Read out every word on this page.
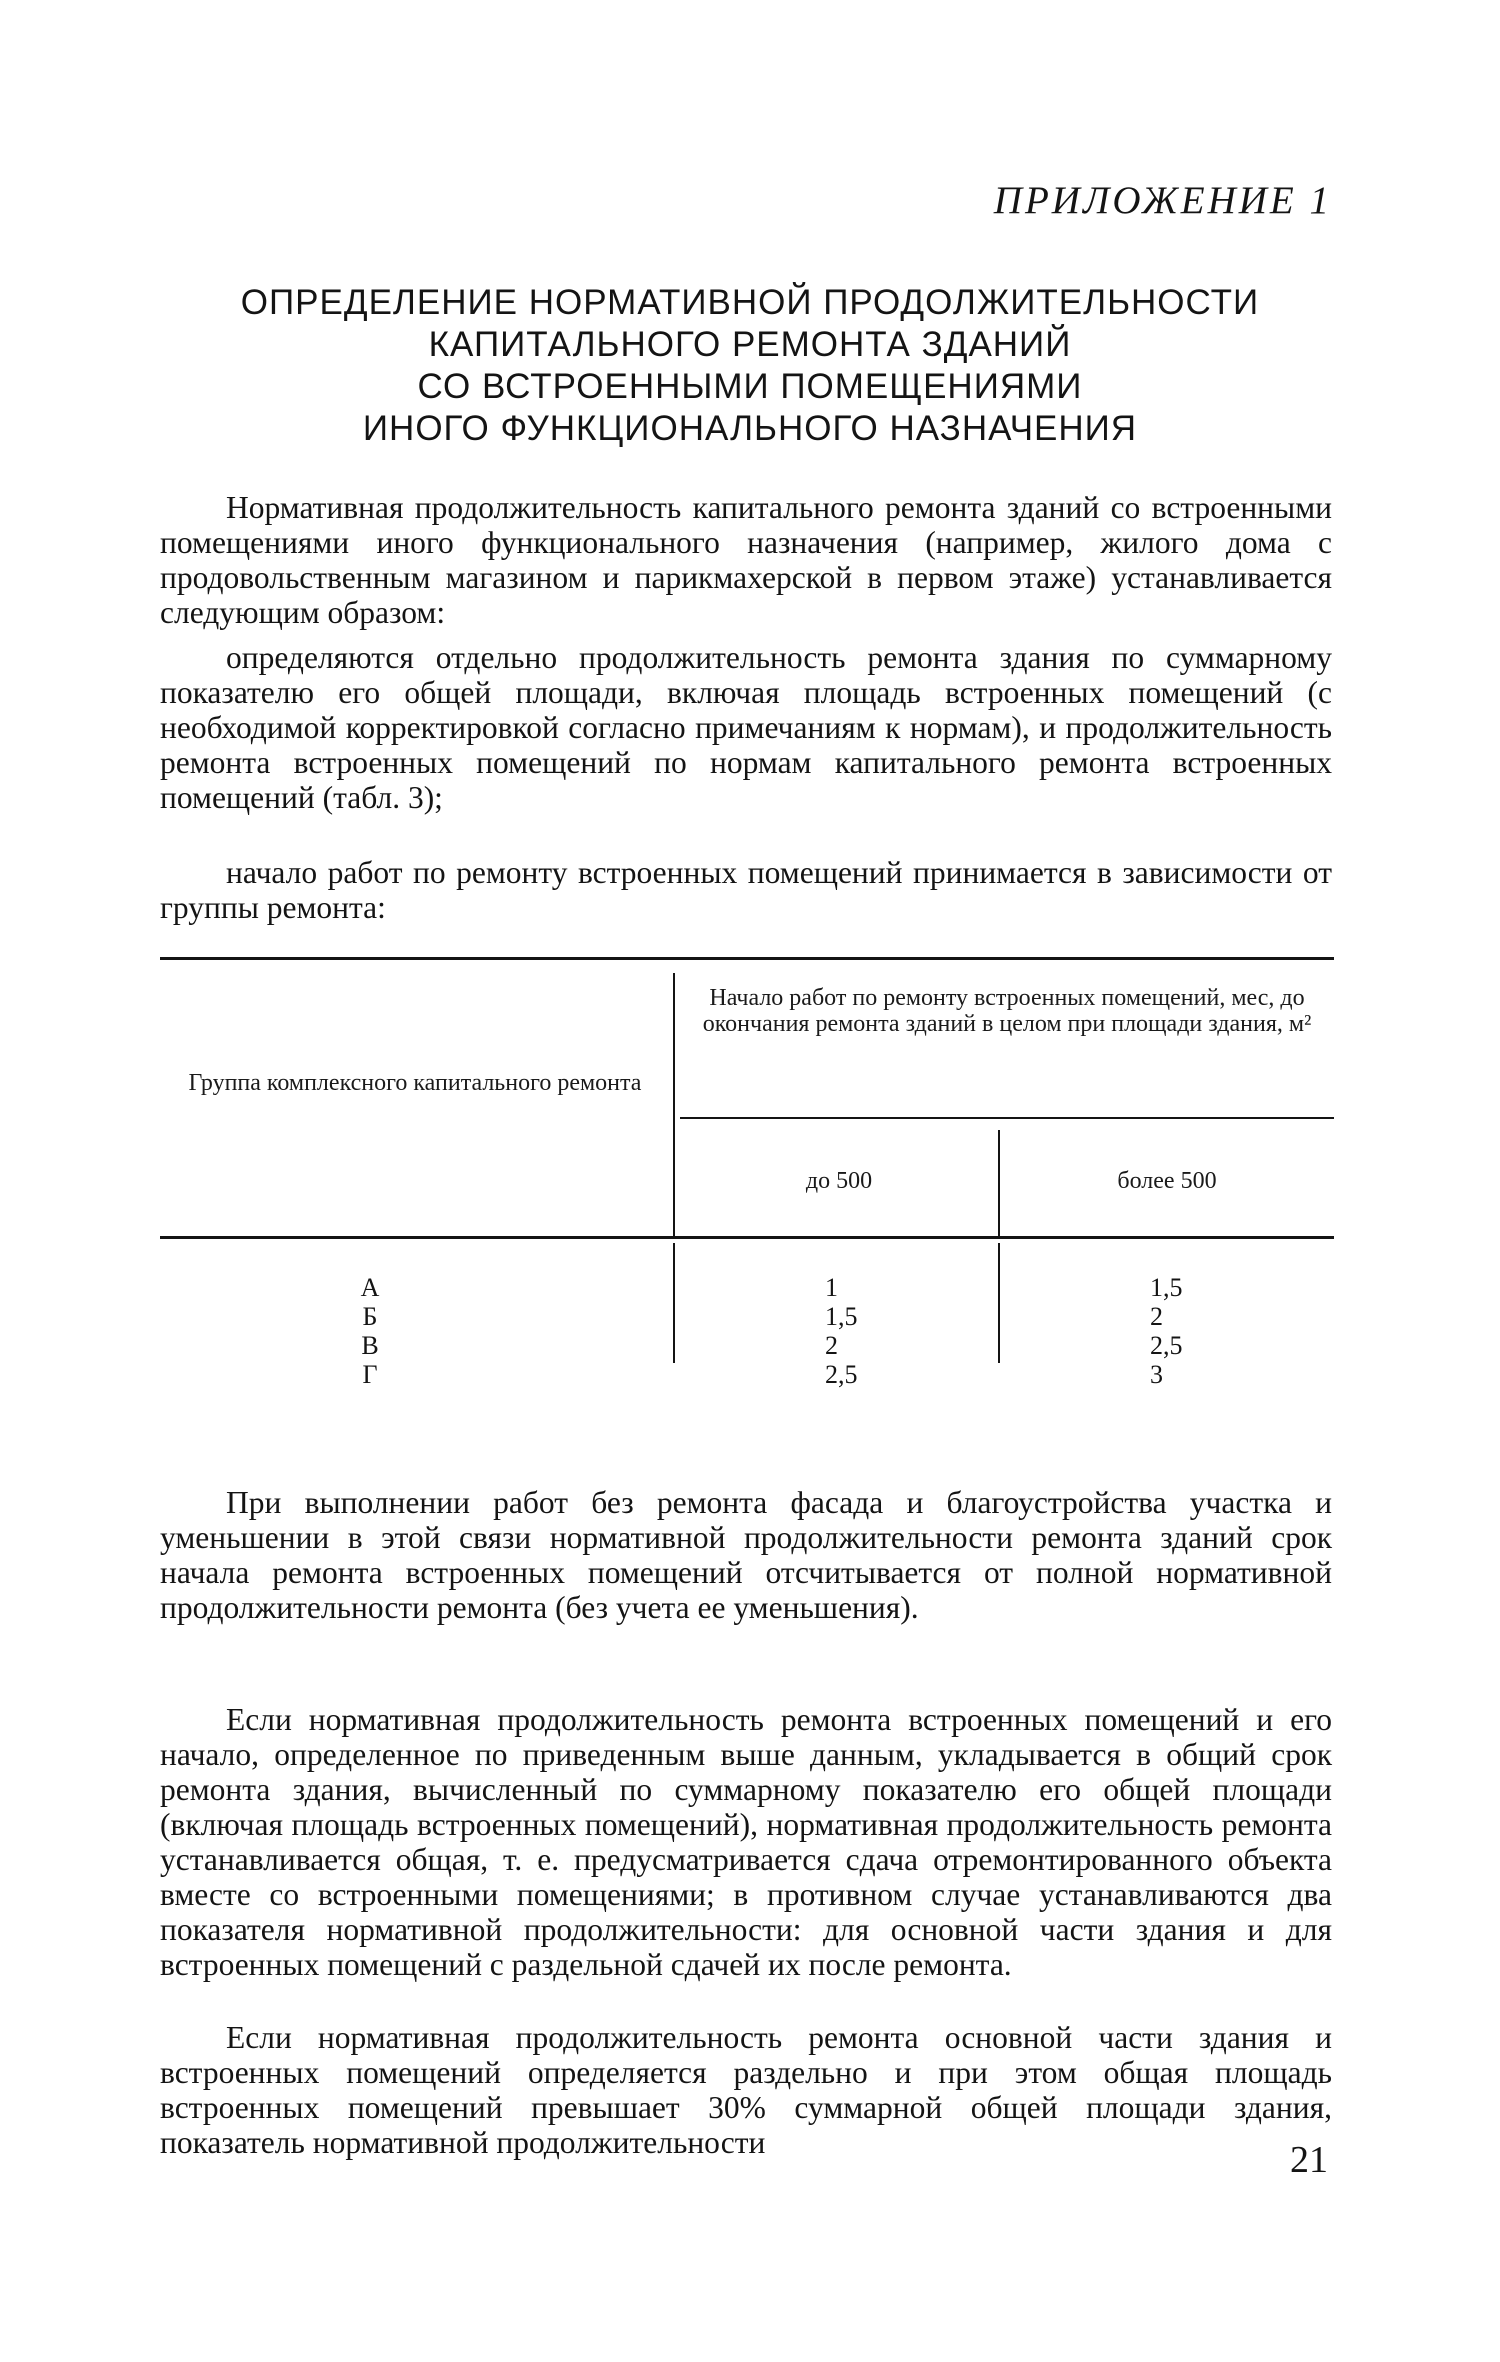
ПРИЛОЖЕНИЕ 1

ОПРЕДЕЛЕНИЕ НОРМАТИВНОЙ ПРОДОЛЖИТЕЛЬНОСТИ
КАПИТАЛЬНОГО РЕМОНТА ЗДАНИЙ
СО ВСТРОЕННЫМИ ПОМЕЩЕНИЯМИ
ИНОГО ФУНКЦИОНАЛЬНОГО НАЗНАЧЕНИЯ

Нормативная продолжительность капитального ремонта зданий со встроенными помещениями иного функционального назначения (например, жилого дома с продовольственным магазином и парикмахерской в первом этаже) устанавливается следующим образом:

определяются отдельно продолжительность ремонта здания по суммарному показателю его общей площади, включая площадь встроенных помещений (с необходимой корректировкой согласно примечаниям к нормам), и продолжительность ремонта встроенных помещений по нормам капитального ремонта встроенных помещений (табл. 3);

начало работ по ремонту встроенных помещений принимается в зависимости от группы ремонта:

Группа комплексного капитального ремонта
Начало работ по ремонту встроенных помещений, мес, до окончания ремонта зданий в целом при площади здания, м²
до 500	более 500
А
Б
В
Г
1
1,5
2
2,5
1,5
2
2,5
3

При выполнении работ без ремонта фасада и благоустройства участка и уменьшении в этой связи нормативной продолжительности ремонта зданий срок начала ремонта встроенных помещений отсчитывается от полной нормативной продолжительности ремонта (без учета ее уменьшения).

Если нормативная продолжительность ремонта встроенных помещений и его начало, определенное по приведенным выше данным, укладывается в общий срок ремонта здания, вычисленный по суммарному показателю его общей площади (включая площадь встроенных помещений), нормативная продолжительность ремонта устанавливается общая, т. е. предусматривается сдача отремонтированного объекта вместе со встроенными помещениями; в противном случае устанавливаются два показателя нормативной продолжительности: для основной части здания и для встроенных помещений с раздельной сдачей их после ремонта.

Если нормативная продолжительность ремонта основной части здания и встроенных помещений определяется раздельно и при этом общая площадь встроенных помещений превышает 30% суммарной общей площади здания, показатель нормативной продолжительности	21
